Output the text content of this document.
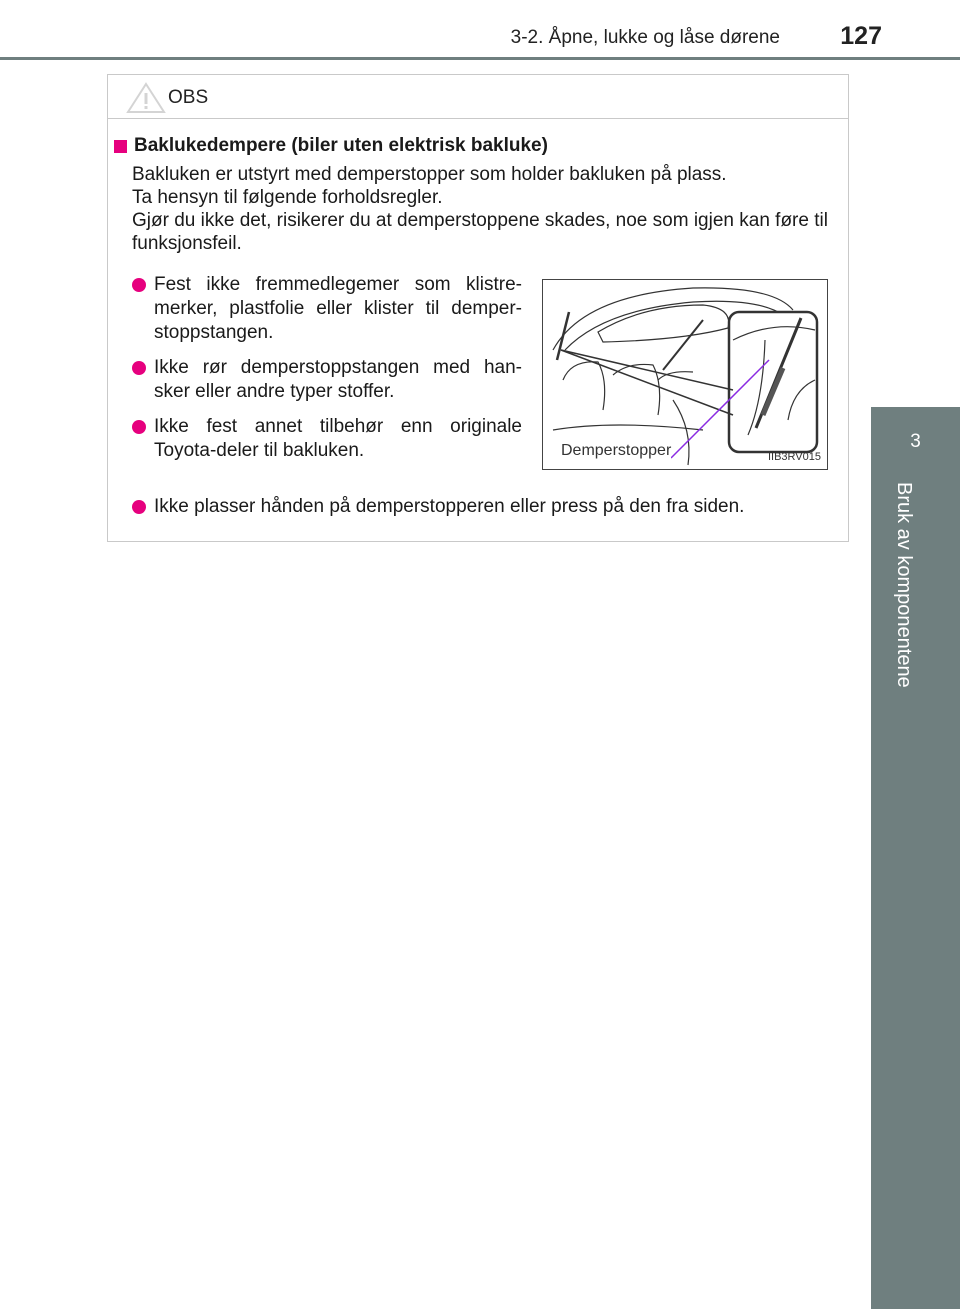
3-2. Åpne, lukke og låse dørene 127
3
Bruk av komponentene
OBS
Baklukedempere (biler uten elektrisk bakluke)

Bakluken er utstyrt med demperstopper som holder bakluken på plass.

Ta hensyn til følgende forholdsregler.

Gjør du ikke det, risikerer du at demperstoppene skades, noe som igjen kan føre til funksjonsfeil.

Fest ikke fremmedlegemer som klistre-merker, plastfolie eller klister til demper-stoppstangen.
Ikke rør demperstoppstangen med han-sker eller andre typer stoffer.
Ikke fest annet tilbehør enn originale Toyota-deler til bakluken.	Demperstopper	IIB3RV015
Ikke plasser hånden på demperstopperen eller press på den fra siden.
